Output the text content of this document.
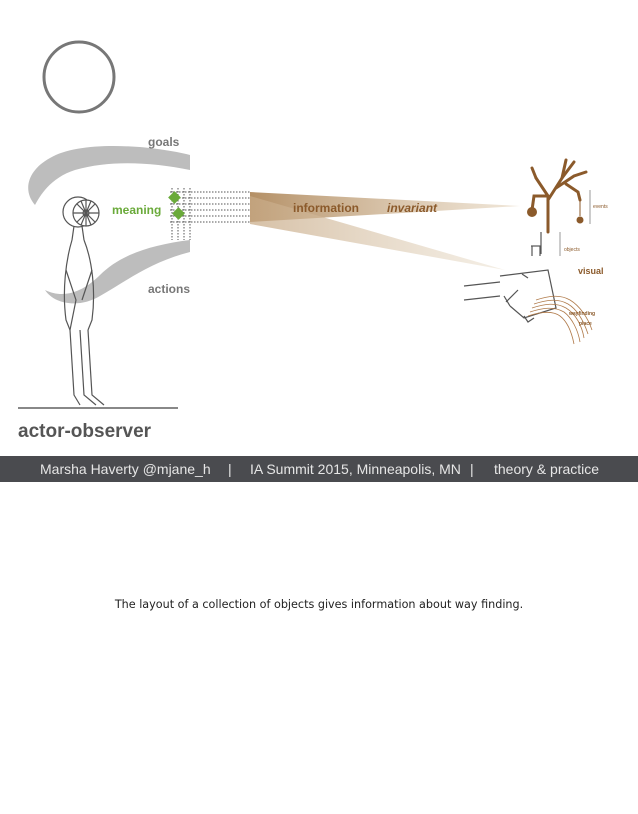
goals
actions
meaning	information invariant	events
objects
visual
wayfinding
place
actor-observer
Marsha Haverty @mjane_h | IA Summit 2015, Minneapolis, MN | theory & practice
The layout of a collection of objects gives information about way finding.
